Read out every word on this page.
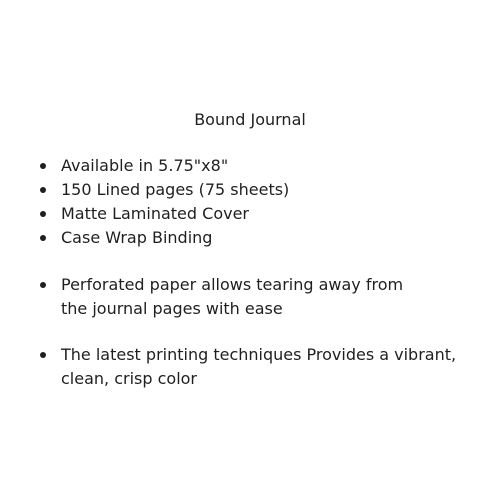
Bound Journal
Available in 5.75"x8"
150 Lined pages (75 sheets)
Matte Laminated Cover
Case Wrap Binding
Perforated paper allows tearing away from
the journal pages with ease
The latest printing techniques Provides a vibrant,
clean, crisp color
